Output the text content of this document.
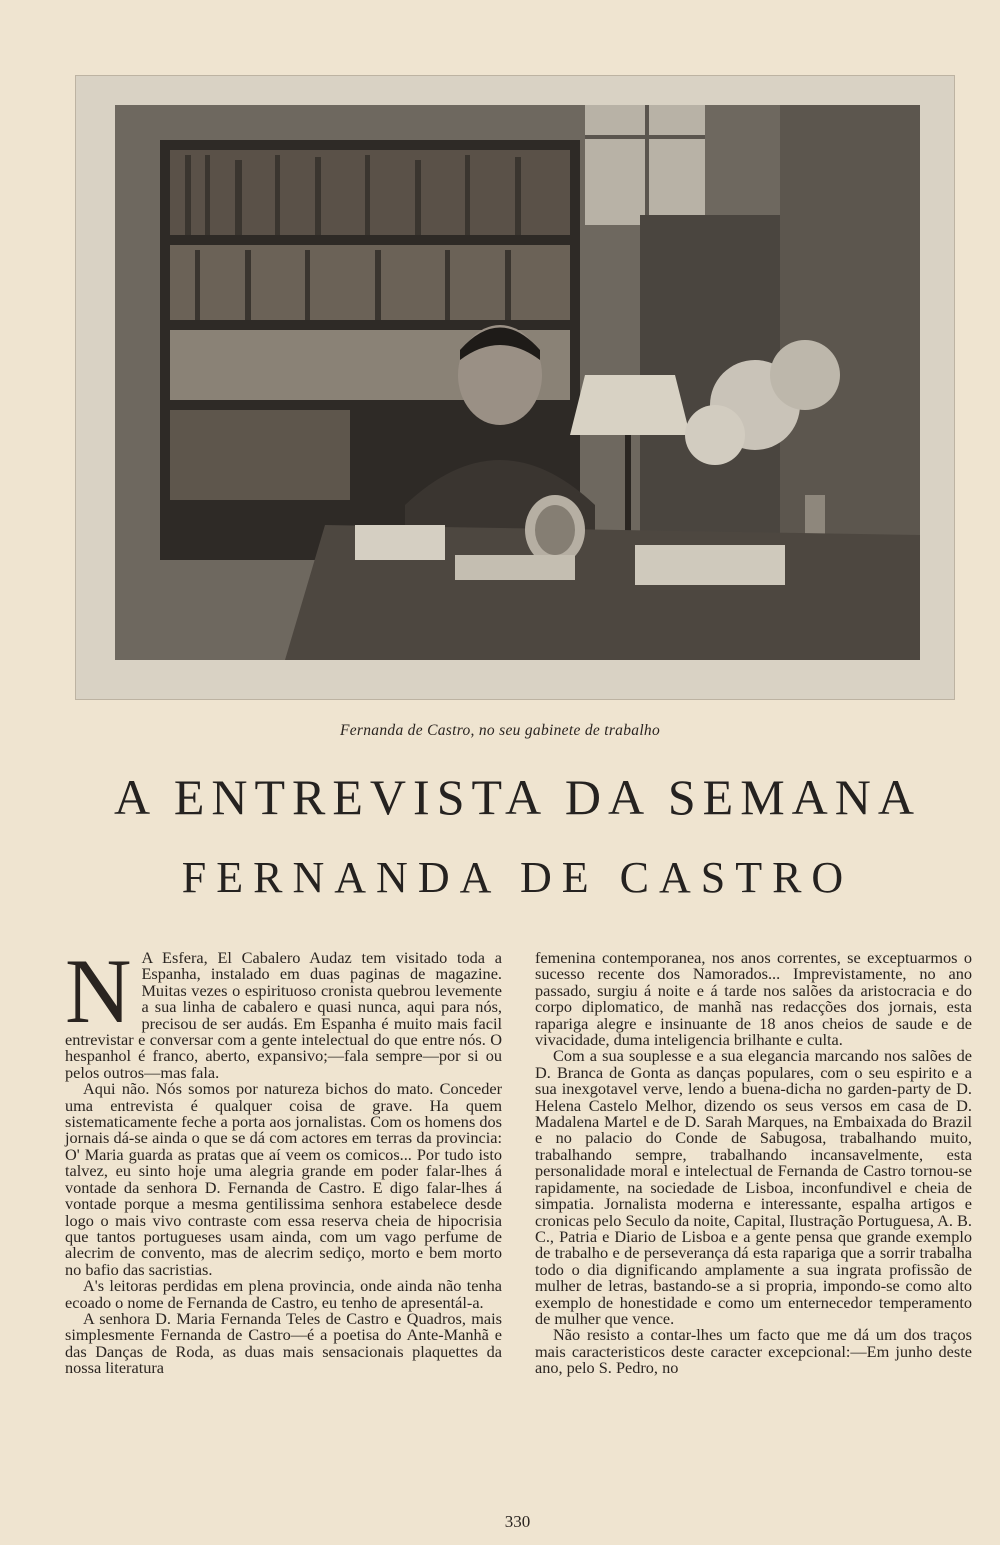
Fernanda de Castro, no seu gabinete de trabalho
A ENTREVISTA DA SEMANA
FERNANDA DE CASTRO

N A Esfera, El Cabalero Audaz tem visitado toda a Espanha, instalado em duas paginas de magazine. Muitas vezes o espirituoso cronista quebrou levemente a sua linha de cabalero e quasi nunca, aqui para nós, precisou de ser audás. Em Espanha é muito mais facil entrevistar e conversar com a gente intelectual do que entre nós. O hespanhol é franco, aberto, expansivo;—fala sempre—por si ou pelos outros—mas fala.

Aqui não. Nós somos por natureza bichos do mato. Conceder uma entrevista é qualquer coisa de grave. Ha quem sistematicamente feche a porta aos jornalistas. Com os homens dos jornais dá-se ainda o que se dá com actores em terras da provincia: O' Maria guarda as pratas que aí veem os comicos... Por tudo isto talvez, eu sinto hoje uma alegria grande em poder falar-lhes á vontade da senhora D. Fernanda de Castro. E digo falar-lhes á vontade porque a mesma gentilissima senhora estabelece desde logo o mais vivo contraste com essa reserva cheia de hipocrisia que tantos portugueses usam ainda, com um vago perfume de alecrim de convento, mas de alecrim sediço, morto e bem morto no bafio das sacristias.

A's leitoras perdidas em plena provincia, onde ainda não tenha ecoado o nome de Fernanda de Castro, eu tenho de apresentál-a.

A senhora D. Maria Fernanda Teles de Castro e Quadros, mais simplesmente Fernanda de Castro—é a poetisa do Ante-Manhã e das Danças de Roda, as duas mais sensacionais plaquettes da nossa literatura

femenina contemporanea, nos anos correntes, se exceptuarmos o sucesso recente dos Namorados... Imprevistamente, no ano passado, surgiu á noite e á tarde nos salões da aristocracia e do corpo diplomatico, de manhã nas redacções dos jornais, esta rapariga alegre e insinuante de 18 anos cheios de saude e de vivacidade, duma inteligencia brilhante e culta.

Com a sua souplesse e a sua elegancia marcando nos salões de D. Branca de Gonta as danças populares, com o seu espirito e a sua inexgotavel verve, lendo a buena-dicha no garden-party de D. Helena Castelo Melhor, dizendo os seus versos em casa de D. Madalena Martel e de D. Sarah Marques, na Embaixada do Brazil e no palacio do Conde de Sabugosa, trabalhando muito, trabalhando sempre, trabalhando incansavelmente, esta personalidade moral e intelectual de Fernanda de Castro tornou-se rapidamente, na sociedade de Lisboa, inconfundivel e cheia de simpatia. Jornalista moderna e interessante, espalha artigos e cronicas pelo Seculo da noite, Capital, Ilustração Portuguesa, A. B. C., Patria e Diario de Lisboa e a gente pensa que grande exemplo de trabalho e de perseverança dá esta rapariga que a sorrir trabalha todo o dia dignificando amplamente a sua ingrata profissão de mulher de letras, bastando-se a si propria, impondo-se como alto exemplo de honestidade e como um enternecedor temperamento de mulher que vence.

Não resisto a contar-lhes um facto que me dá um dos traços mais caracteristicos deste caracter excepcional:—Em junho deste ano, pelo S. Pedro, no

330
